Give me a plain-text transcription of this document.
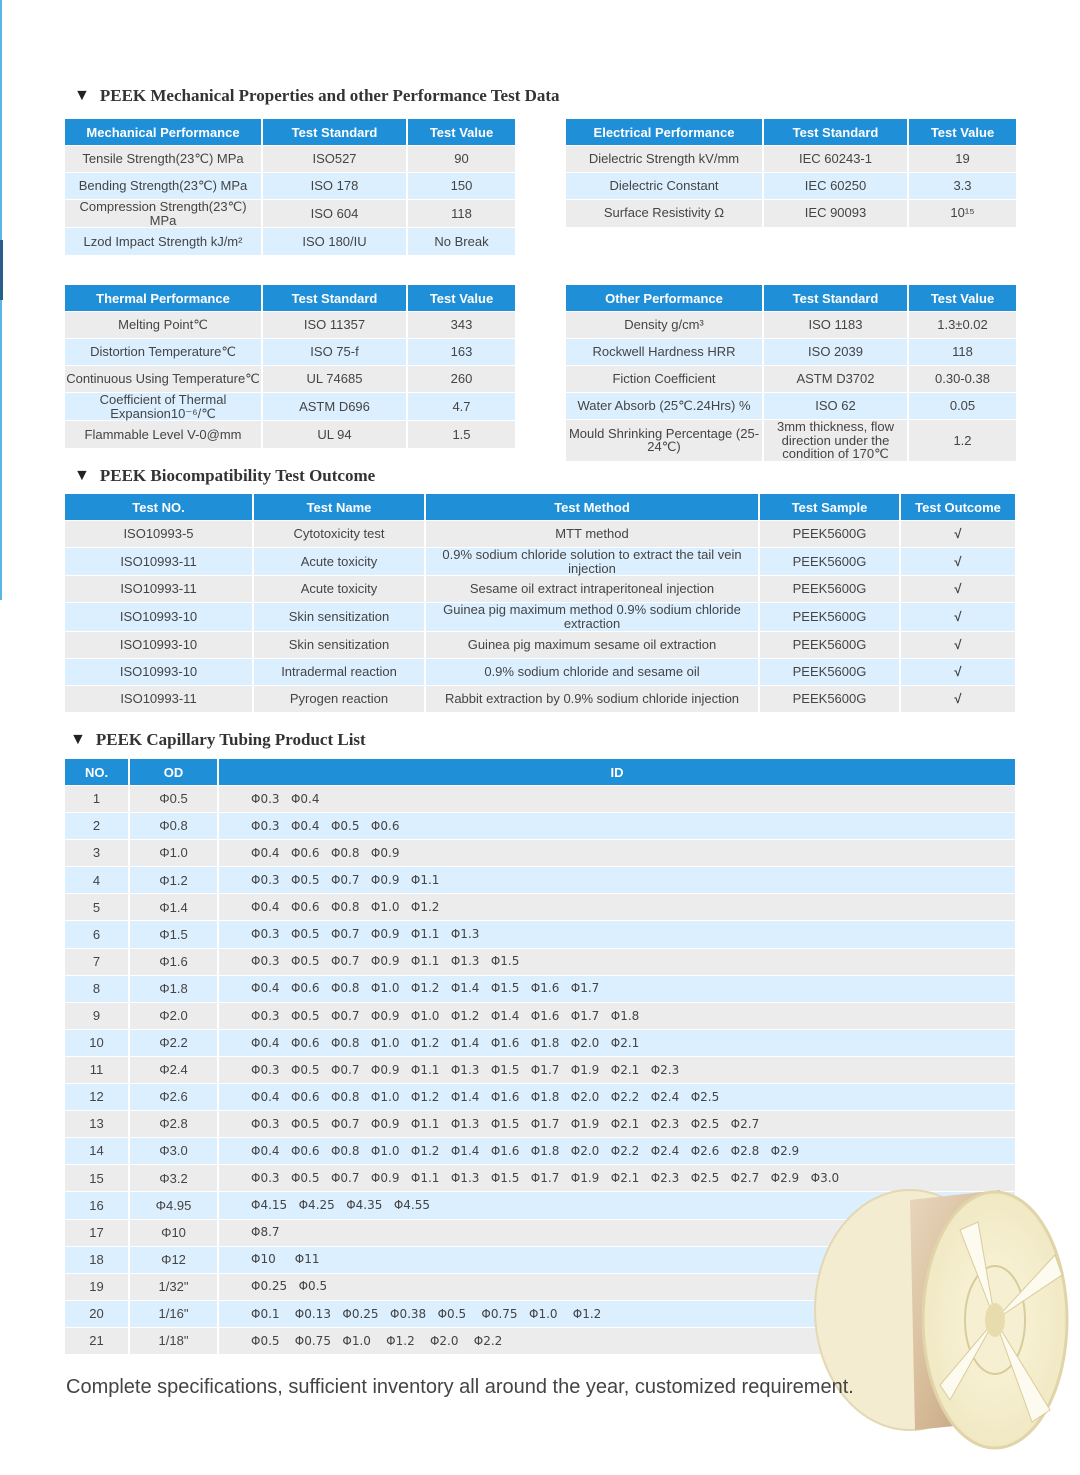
▼ PEEK Mechanical Properties and other Performance Test Data
Mechanical Performance	Test Standard	Test Value
Tensile Strength(23℃) MPa	ISO527	90
Bending Strength(23℃) MPa	ISO 178	150
Compression Strength(23℃) MPa	ISO 604	118
Lzod Impact Strength kJ/m²	ISO 180/IU	No Break
Electrical Performance	Test Standard	Test Value
Dielectric Strength kV/mm	IEC 60243-1	19
Dielectric Constant	IEC 60250	3.3
Surface Resistivity Ω	IEC 90093	10¹⁵
Thermal Performance	Test Standard	Test Value
Melting Point℃	ISO 11357	343
Distortion Temperature℃	ISO 75-f	163
Continuous Using Temperature℃	UL 74685	260
Coefficient of Thermal Expansion10⁻⁶/℃	ASTM D696	4.7
Flammable Level V-0@mm	UL 94	1.5
Other Performance	Test Standard	Test Value
Density g/cm³	ISO 1183	1.3±0.02
Rockwell Hardness HRR	ISO 2039	118
Fiction Coefficient	ASTM D3702	0.30-0.38
Water Absorb (25℃.24Hrs) %	ISO 62	0.05
Mould Shrinking Percentage (25-24℃)	3mm thickness, flow direction under the condition of 170℃	1.2
▼ PEEK Biocompatibility Test Outcome
Test NO.	Test Name	Test Method	Test Sample	Test Outcome
ISO10993-5	Cytotoxicity test	MTT method	PEEK5600G	√
ISO10993-11	Acute toxicity	0.9% sodium chloride solution to extract the tail vein injection	PEEK5600G	√
ISO10993-11	Acute toxicity	Sesame oil extract intraperitoneal injection	PEEK5600G	√
ISO10993-10	Skin sensitization	Guinea pig maximum method 0.9% sodium chloride extraction	PEEK5600G	√
ISO10993-10	Skin sensitization	Guinea pig maximum sesame oil extraction	PEEK5600G	√
ISO10993-10	Intradermal reaction	0.9% sodium chloride and sesame oil	PEEK5600G	√
ISO10993-11	Pyrogen reaction	Rabbit extraction by 0.9% sodium chloride injection	PEEK5600G	√
▼ PEEK Capillary Tubing Product List
NO.	OD	ID
1	Φ0.5	Φ0.3   Φ0.4
2	Φ0.8	Φ0.3   Φ0.4   Φ0.5   Φ0.6
3	Φ1.0	Φ0.4   Φ0.6   Φ0.8   Φ0.9
4	Φ1.2	Φ0.3   Φ0.5   Φ0.7   Φ0.9   Φ1.1
5	Φ1.4	Φ0.4   Φ0.6   Φ0.8   Φ1.0   Φ1.2
6	Φ1.5	Φ0.3   Φ0.5   Φ0.7   Φ0.9   Φ1.1   Φ1.3
7	Φ1.6	Φ0.3   Φ0.5   Φ0.7   Φ0.9   Φ1.1   Φ1.3   Φ1.5
8	Φ1.8	Φ0.4   Φ0.6   Φ0.8   Φ1.0   Φ1.2   Φ1.4   Φ1.5   Φ1.6   Φ1.7
9	Φ2.0	Φ0.3   Φ0.5   Φ0.7   Φ0.9   Φ1.0   Φ1.2   Φ1.4   Φ1.6   Φ1.7   Φ1.8
10	Φ2.2	Φ0.4   Φ0.6   Φ0.8   Φ1.0   Φ1.2   Φ1.4   Φ1.6   Φ1.8   Φ2.0   Φ2.1
11	Φ2.4	Φ0.3   Φ0.5   Φ0.7   Φ0.9   Φ1.1   Φ1.3   Φ1.5   Φ1.7   Φ1.9   Φ2.1   Φ2.3
12	Φ2.6	Φ0.4   Φ0.6   Φ0.8   Φ1.0   Φ1.2   Φ1.4   Φ1.6   Φ1.8   Φ2.0   Φ2.2   Φ2.4   Φ2.5
13	Φ2.8	Φ0.3   Φ0.5   Φ0.7   Φ0.9   Φ1.1   Φ1.3   Φ1.5   Φ1.7   Φ1.9   Φ2.1   Φ2.3   Φ2.5   Φ2.7
14	Φ3.0	Φ0.4   Φ0.6   Φ0.8   Φ1.0   Φ1.2   Φ1.4   Φ1.6   Φ1.8   Φ2.0   Φ2.2   Φ2.4   Φ2.6   Φ2.8   Φ2.9
15	Φ3.2	Φ0.3   Φ0.5   Φ0.7   Φ0.9   Φ1.1   Φ1.3   Φ1.5   Φ1.7   Φ1.9   Φ2.1   Φ2.3   Φ2.5   Φ2.7   Φ2.9   Φ3.0
16	Φ4.95	Φ4.15   Φ4.25   Φ4.35   Φ4.55
17	Φ10	Φ8.7
18	Φ12	Φ10     Φ11
19	1/32"	Φ0.25   Φ0.5
20	1/16"	Φ0.1    Φ0.13   Φ0.25   Φ0.38   Φ0.5    Φ0.75   Φ1.0    Φ1.2
21	1/18"	Φ0.5    Φ0.75   Φ1.0    Φ1.2    Φ2.0    Φ2.2
Complete specifications, sufficient inventory all around the year, customized requirement.
